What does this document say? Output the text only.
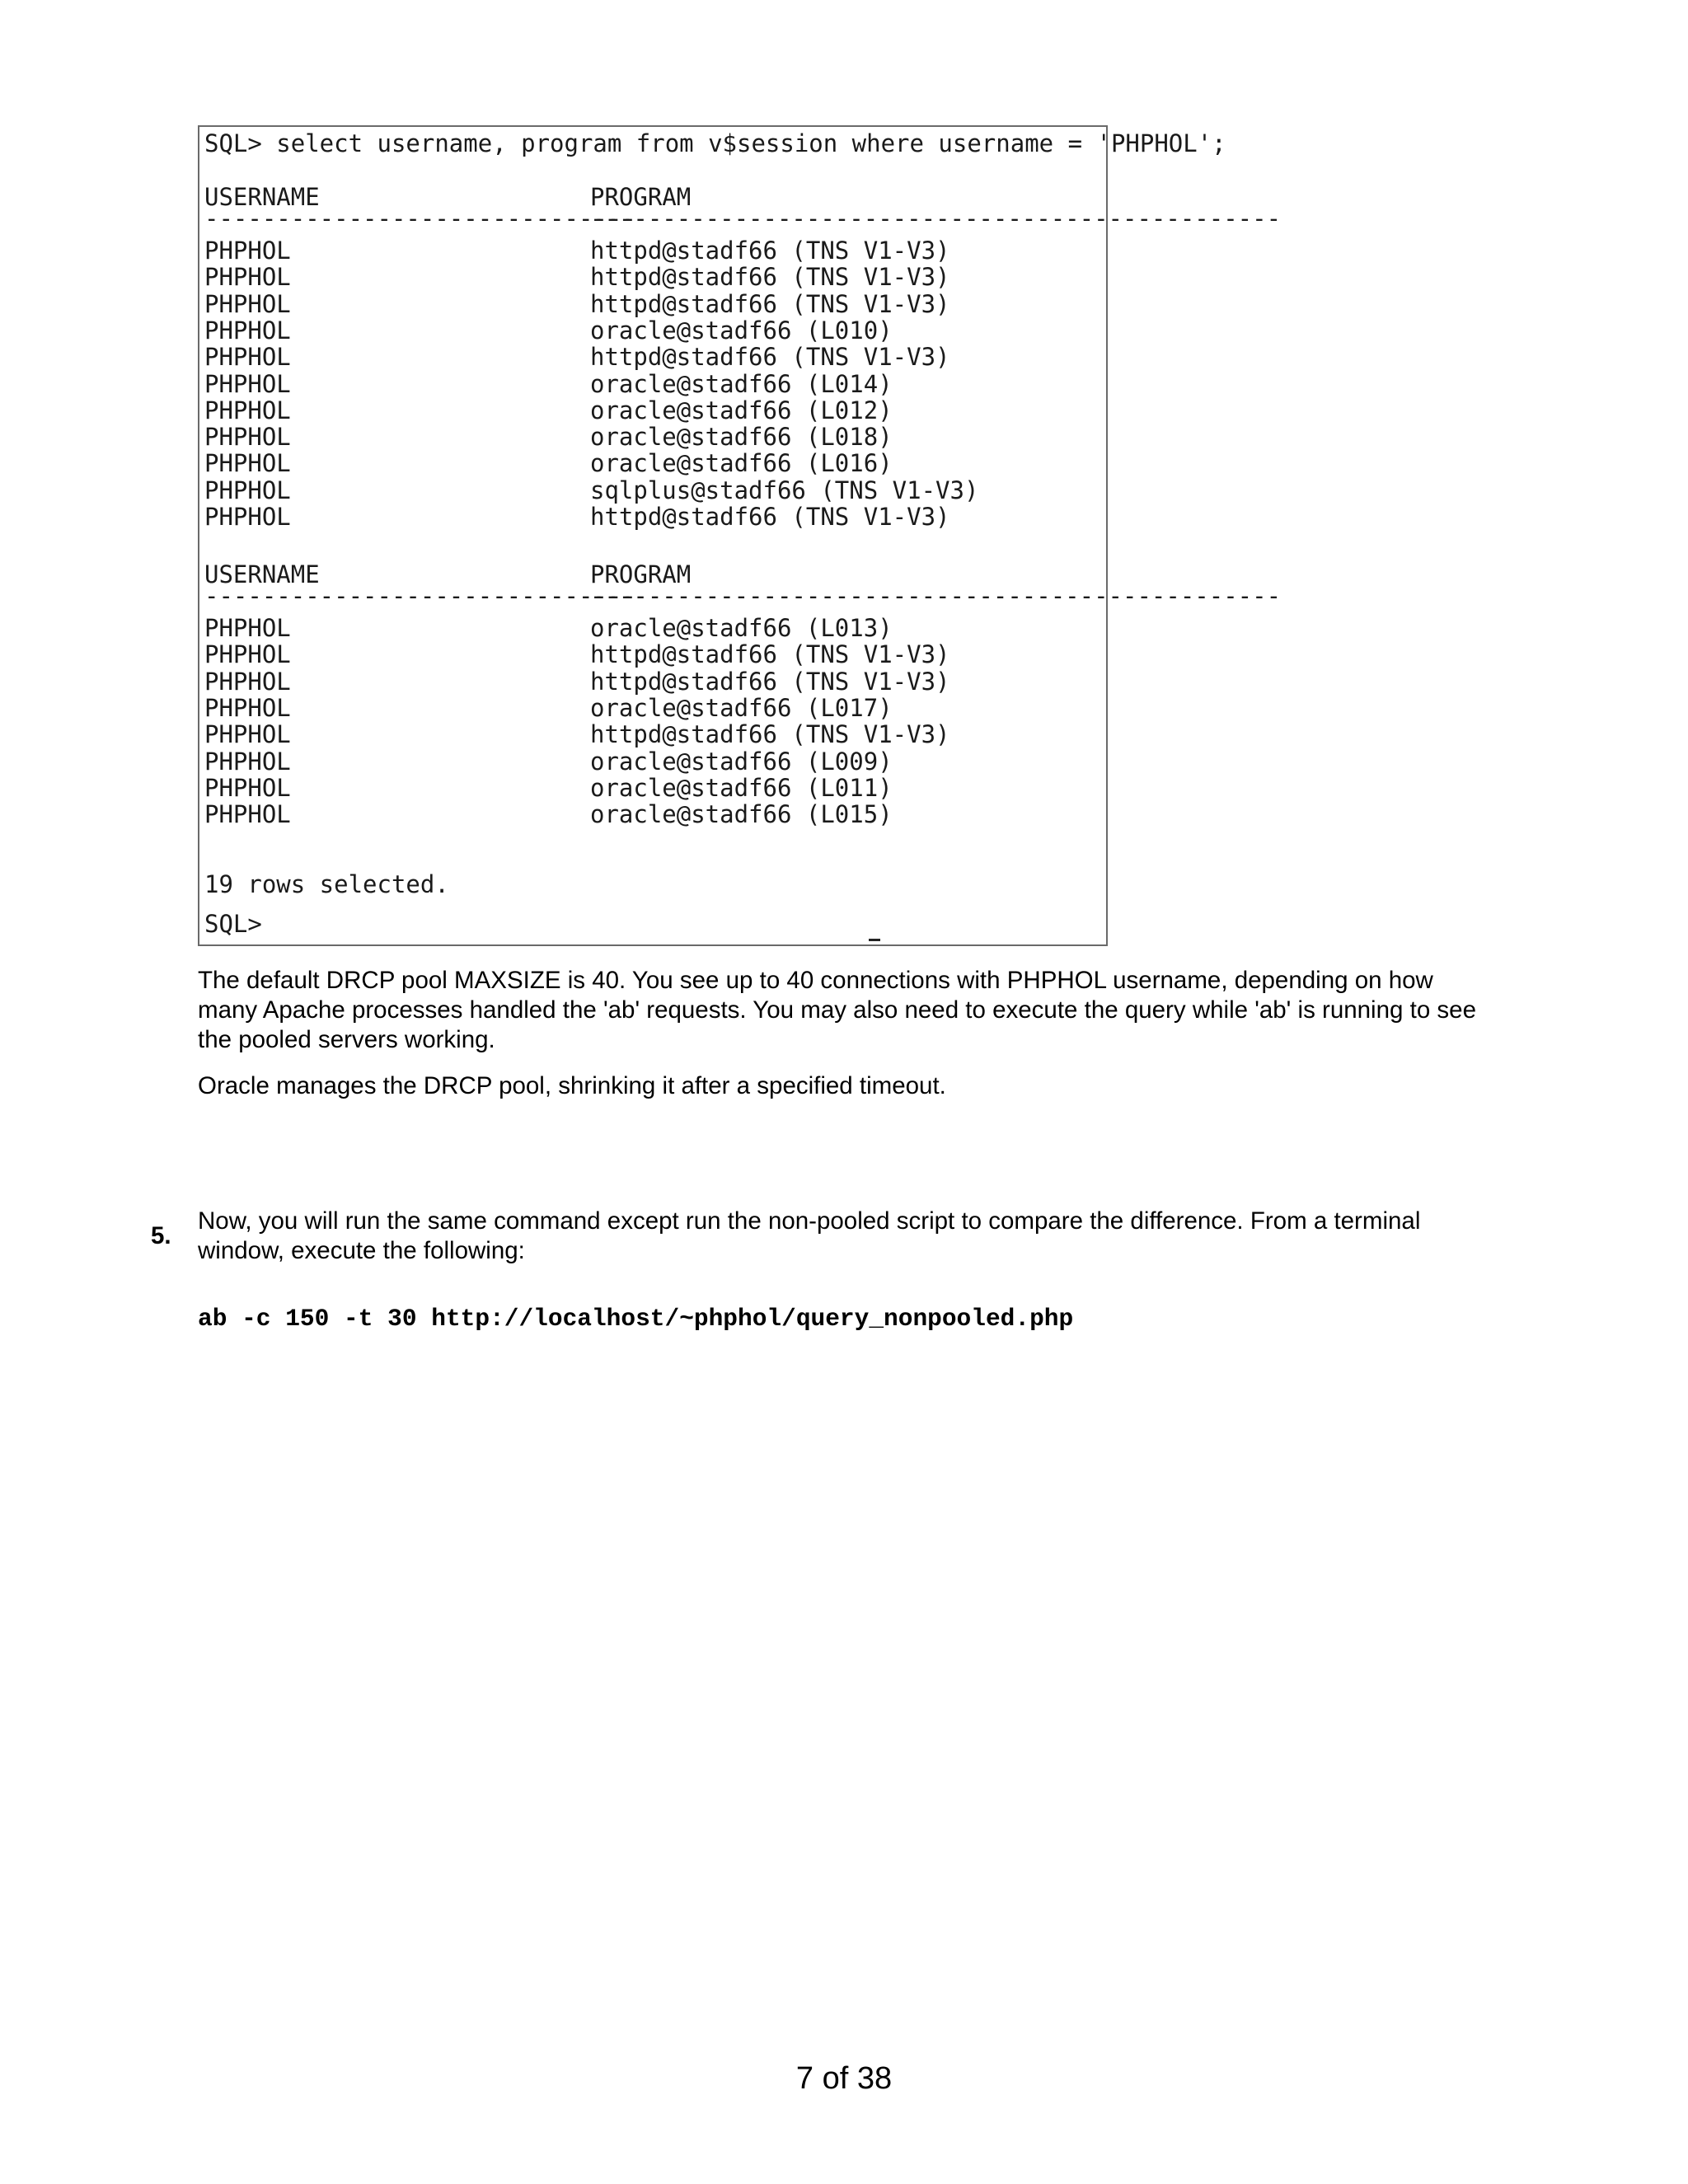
SQL> select username, program from v$session where username = 'PHPHOL';
USERNAME	PROGRAM
------------------------------
------------------------------------------------
PHPHOL	httpd@stadf66 (TNS V1-V3)
PHPHOL	httpd@stadf66 (TNS V1-V3)
PHPHOL	httpd@stadf66 (TNS V1-V3)
PHPHOL	oracle@stadf66 (L010)
PHPHOL	httpd@stadf66 (TNS V1-V3)
PHPHOL	oracle@stadf66 (L014)
PHPHOL	oracle@stadf66 (L012)
PHPHOL	oracle@stadf66 (L018)
PHPHOL	oracle@stadf66 (L016)
PHPHOL	sqlplus@stadf66 (TNS V1-V3)
PHPHOL	httpd@stadf66 (TNS V1-V3)
USERNAME	PROGRAM
------------------------------
------------------------------------------------
PHPHOL	oracle@stadf66 (L013)
PHPHOL	httpd@stadf66 (TNS V1-V3)
PHPHOL	httpd@stadf66 (TNS V1-V3)
PHPHOL	oracle@stadf66 (L017)
PHPHOL	httpd@stadf66 (TNS V1-V3)
PHPHOL	oracle@stadf66 (L009)
PHPHOL	oracle@stadf66 (L011)
PHPHOL	oracle@stadf66 (L015)
19 rows selected.
SQL>

The default DRCP pool MAXSIZE is 40. You see up to 40 connections with PHPHOL username, depending on how many Apache processes handled the 'ab' requests. You may also need to execute the query while 'ab' is running to see the pooled servers working.

Oracle manages the DRCP pool, shrinking it after a specified timeout.

5.

Now, you will run the same command except run the non-pooled script to compare the difference. From a terminal window, execute the following:

ab -c 150 -t 30 http://localhost/~phphol/query_nonpooled.php
7 of 38
